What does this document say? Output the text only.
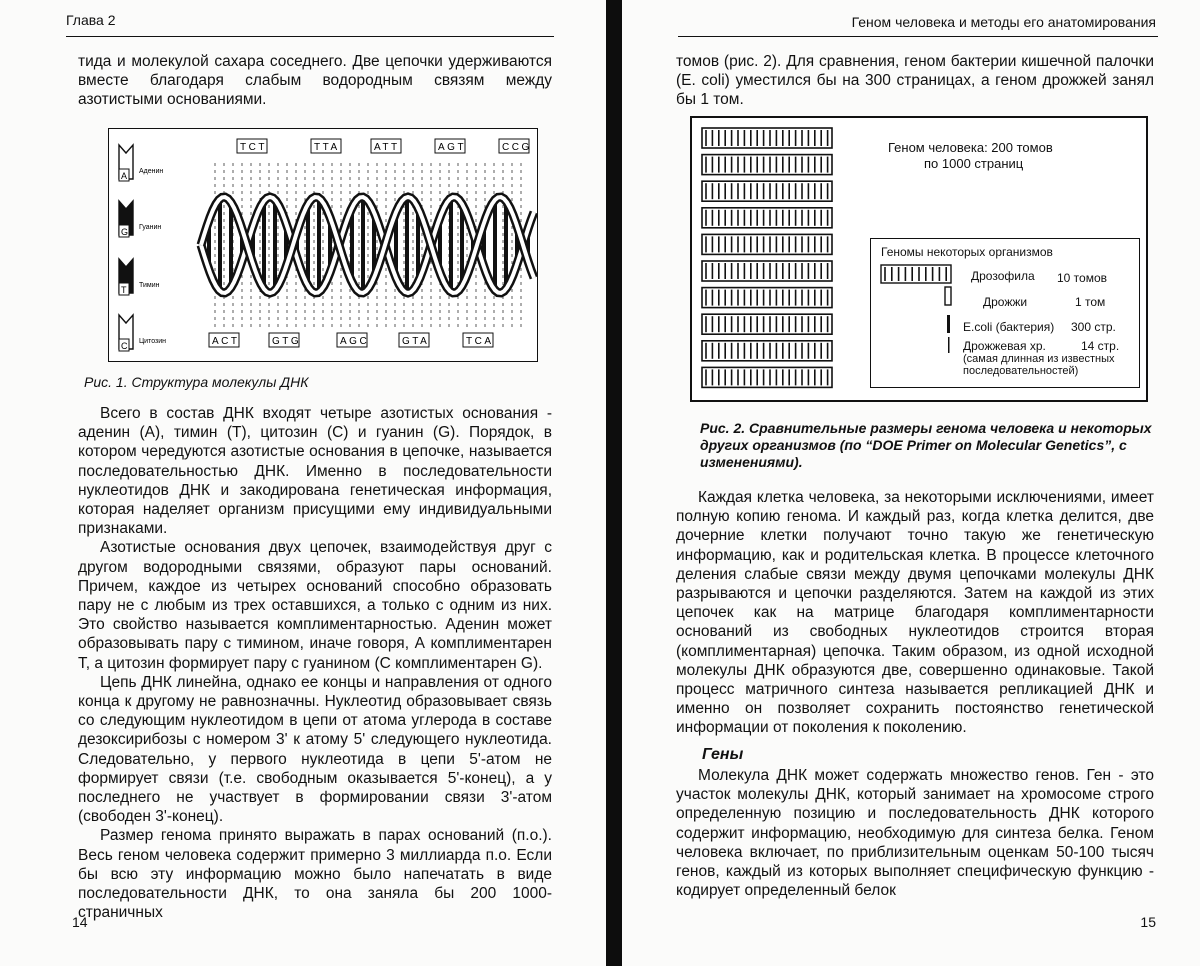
Глава 2

тида и молекулой сахара соседнего. Две цепочки удерживаются вместе благодаря слабым водородным связям между азотистыми основаниями.

A Аденин
G Гуанин
T Тимин
C Цитозин
TCT	TTA	ATT	AGT	CCG
ACT	GTG	AGC	GTA	TCA
Рис. 1. Структура молекулы ДНК

Всего в состав ДНК входят четыре азотистых основания - аденин (А), тимин (Т), цитозин (С) и гуанин (G). Порядок, в котором чередуются азотистые основания в цепочке, называется последовательностью ДНК. Именно в последовательности нуклеотидов ДНК и закодирована генетическая информация, которая наделяет организм присущими ему индивидуальными признаками.

Азотистые основания двух цепочек, взаимодействуя друг с другом водородными связями, образуют пары оснований. Причем, каждое из четырех оснований способно образовать пару не с любым из трех оставшихся, а только с одним из них. Это свойство называется комплиментарностью. Аденин может образовывать пару с тимином, иначе говоря, А комплиментарен Т, а цитозин формирует пару с гуанином (С комплиментарен G).

Цепь ДНК линейна, однако ее концы и направления от одного конца к другому не равнозначны. Нуклеотид образовывает связь со следующим нуклеотидом в цепи от атома углерода в составе дезоксирибозы с номером 3' к атому 5' следующего нуклеотида. Следовательно, у первого нуклеотида в цепи 5'-атом не формирует связи (т.е. свободным оказывается 5'-конец), а у последнего не участвует в формировании связи 3'-атом (свободен 3'-конец).

Размер генома принято выражать в парах оснований (п.о.). Весь геном человека содержит примерно 3 миллиарда п.о. Если бы всю эту информацию можно было напечатать в виде последовательности ДНК, то она заняла бы 200 1000-страничных

14
Геном человека и методы его анатомирования

томов (рис. 2). Для сравнения, геном бактерии кишечной палочки (E. coli) уместился бы на 300 страницах, а геном дрожжей занял бы 1 том.

Геном человека: 200 томов
по 1000 страниц
Геномы некоторых организмов
Дрозофила 10 томов
Дрожжи	1 том
E.coli (бактерия) 300 стр.
Дрожжевая хр.	14 стр.
(самая длинная из известных
последовательностей)
Рис. 2. Сравнительные размеры генома человека и некоторых других организмов (по “DOE Primer on Molecular Genetics”, с изменениями).

Каждая клетка человека, за некоторыми исключениями, имеет полную копию генома. И каждый раз, когда клетка делится, две дочерние клетки получают точно такую же генетическую информацию, как и родительская клетка. В процессе клеточного деления слабые связи между двумя цепочками молекулы ДНК разрываются и цепочки разделяются. Затем на каждой из этих цепочек как на матрице благодаря комплиментарности оснований из свободных нуклеотидов строится вторая (комплиментарная) цепочка. Таким образом, из одной исходной молекулы ДНК образуются две, совершенно одинаковые. Такой процесс матричного синтеза называется репликацией ДНК и именно он позволяет сохранить постоянство генетической информации от поколения к поколению.

Гены

Молекула ДНК может содержать множество генов. Ген - это участок молекулы ДНК, который занимает на хромосоме строго определенную позицию и последовательность ДНК которого содержит информацию, необходимую для синтеза белка. Геном человека включает, по приблизительным оценкам 50-100 тысяч генов, каждый из которых выполняет специфическую функцию - кодирует определенный белок

15
